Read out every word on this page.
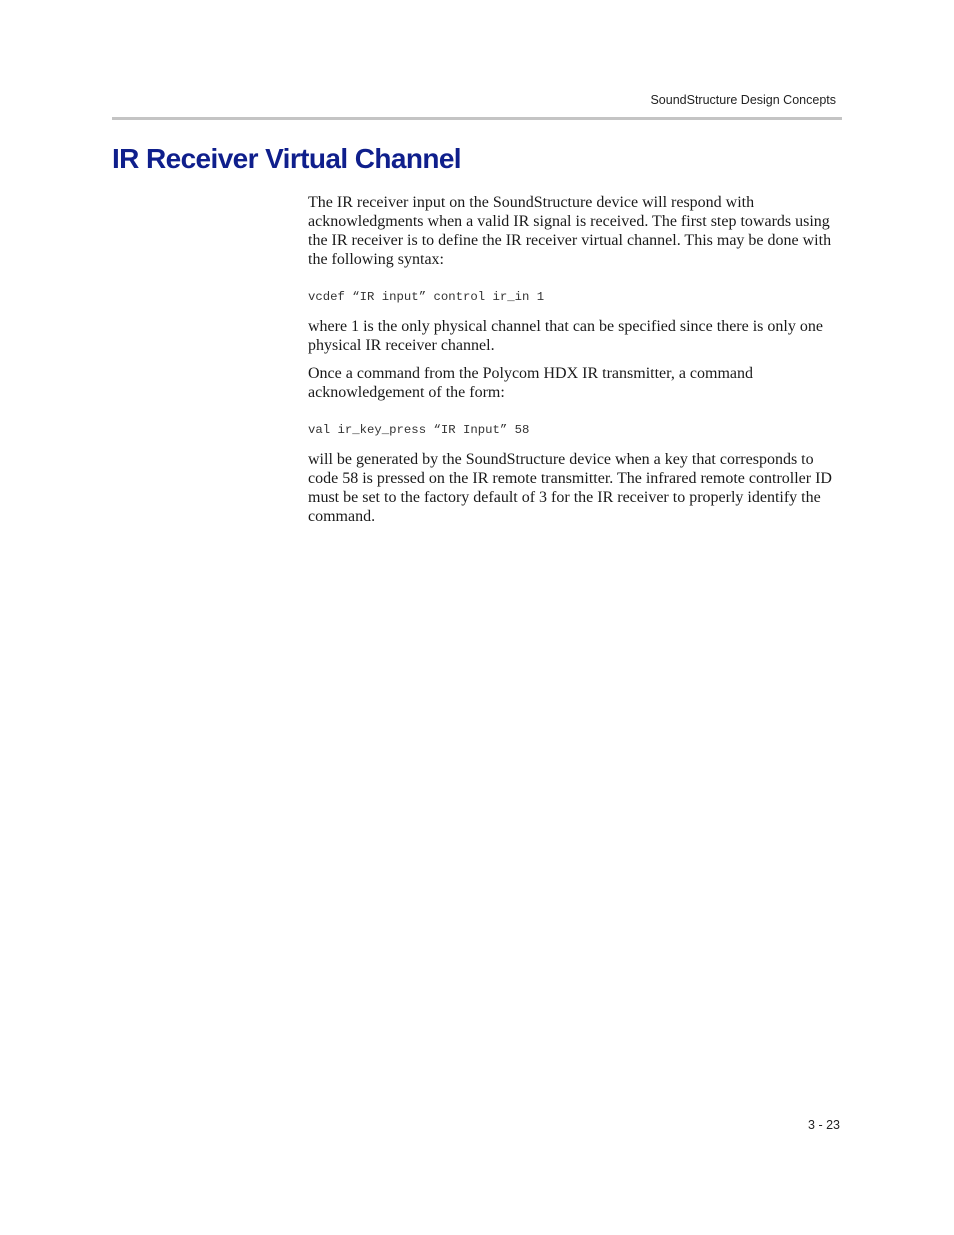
SoundStructure Design Concepts
IR Receiver Virtual Channel

The IR receiver input on the SoundStructure device will respond with acknowledgments when a valid IR signal is received. The first step towards using the IR receiver is to define the IR receiver virtual channel. This may be done with the following syntax:

vcdef “IR input” control ir_in 1

where 1 is the only physical channel that can be specified since there is only one physical IR receiver channel.

Once a command from the Polycom HDX IR transmitter, a command acknowledgement of the form:

val ir_key_press “IR Input” 58

will be generated by the SoundStructure device when a key that corresponds to code 58 is pressed on the IR remote transmitter. The infrared remote controller ID must be set to the factory default of 3 for the IR receiver to properly identify the command.

3 - 23
